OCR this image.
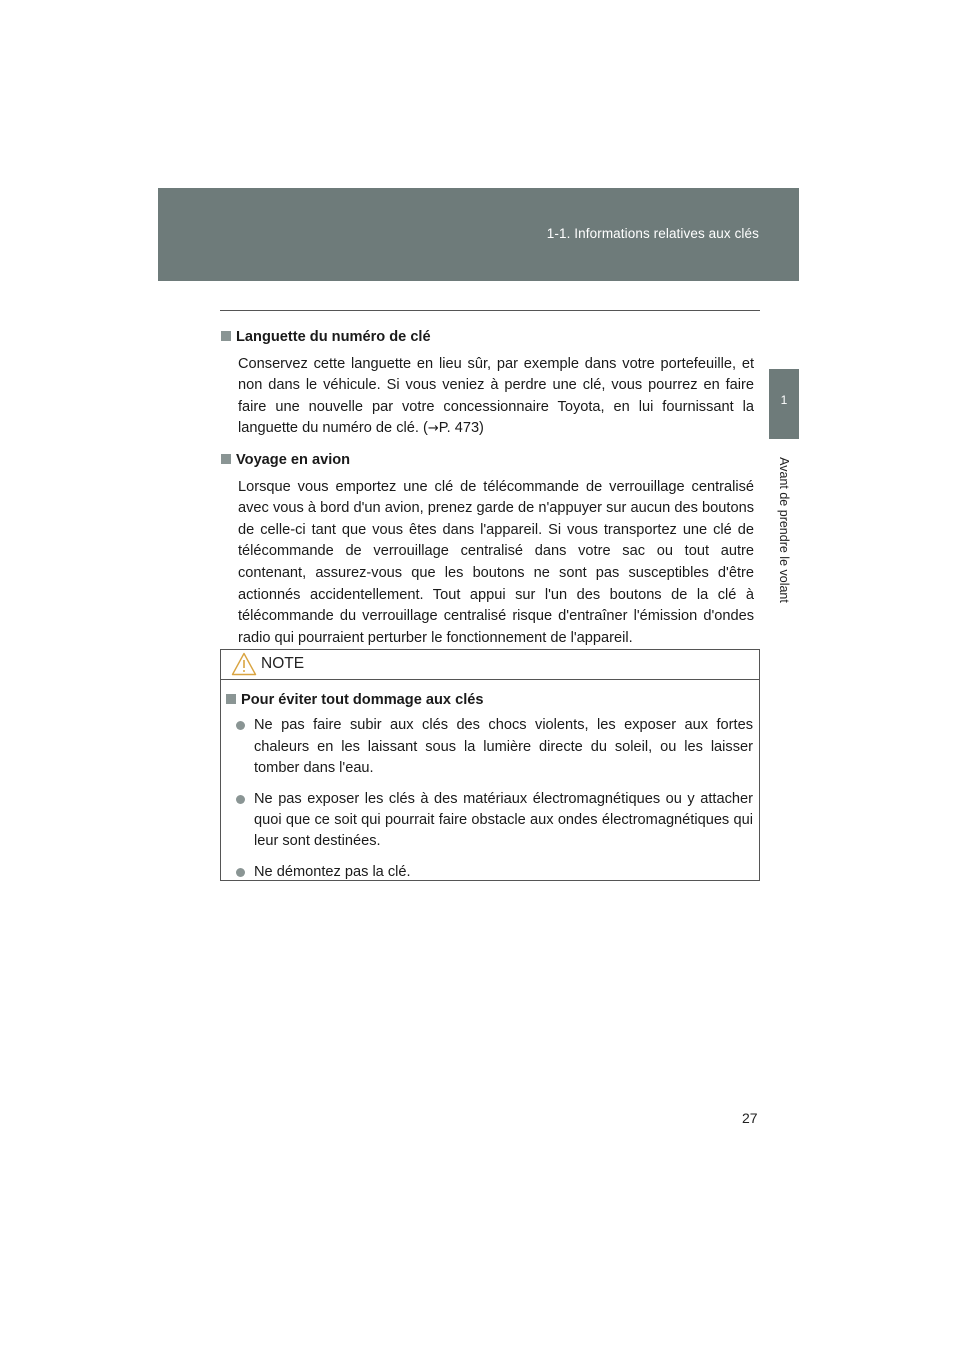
1-1. Informations relatives aux clés
1
Avant de prendre le volant

Languette du numéro de clé

Conservez cette languette en lieu sûr, par exemple dans votre portefeuille, et non dans le véhicule. Si vous veniez à perdre une clé, vous pourrez en faire faire une nouvelle par votre concessionnaire Toyota, en lui fournissant la languette du numéro de clé. (→P. 473)

Voyage en avion

Lorsque vous emportez une clé de télécommande de verrouillage centralisé avec vous à bord d'un avion, prenez garde de n'appuyer sur aucun des boutons de celle-ci tant que vous êtes dans l'appareil. Si vous transportez une clé de télécommande de verrouillage centralisé dans votre sac ou tout autre contenant, assurez-vous que les boutons ne sont pas susceptibles d'être actionnés accidentellement. Tout appui sur l'un des boutons de la clé à télécommande du verrouillage centralisé risque d'entraîner l'émission d'ondes radio qui pourraient perturber le fonctionnement de l'appareil.

NOTE

Pour éviter tout dommage aux clés

Ne pas faire subir aux clés des chocs violents, les exposer aux fortes chaleurs en les laissant sous la lumière directe du soleil, ou les laisser tomber dans l'eau.
Ne pas exposer les clés à des matériaux électromagnétiques ou y attacher quoi que ce soit qui pourrait faire obstacle aux ondes électromagnétiques qui leur sont destinées.
Ne démontez pas la clé.
27
